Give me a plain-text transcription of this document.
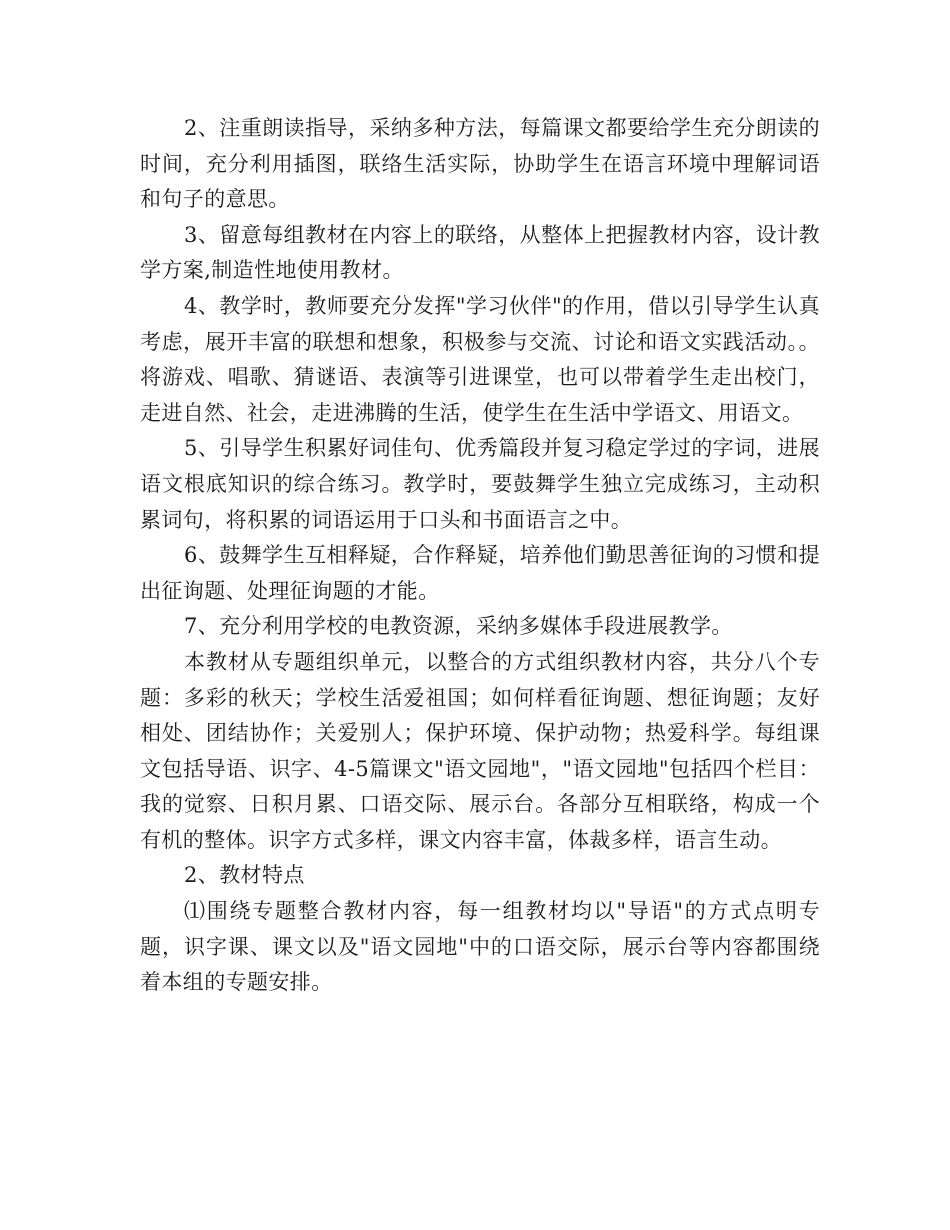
2、注重朗读指导，采纳多种方法，每篇课文都要给学生充分朗读的时间，充分利用插图，联络生活实际，协助学生在语言环境中理解词语和句子的意思。

3、留意每组教材在内容上的联络，从整体上把握教材内容，设计教学方案,制造性地使用教材。

4、教学时，教师要充分发挥"学习伙伴"的作用，借以引导学生认真考虑，展开丰富的联想和想象，积极参与交流、讨论和语文实践活动。。将游戏、唱歌、猜谜语、表演等引进课堂，也可以带着学生走出校门，走进自然、社会，走进沸腾的生活，使学生在生活中学语文、用语文。

5、引导学生积累好词佳句、优秀篇段并复习稳定学过的字词，进展语文根底知识的综合练习。教学时，要鼓舞学生独立完成练习，主动积累词句，将积累的词语运用于口头和书面语言之中。

6、鼓舞学生互相释疑，合作释疑，培养他们勤思善征询的习惯和提出征询题、处理征询题的才能。

7、充分利用学校的电教资源，采纳多媒体手段进展教学。

本教材从专题组织单元，以整合的方式组织教材内容，共分八个专题：多彩的秋天；学校生活爱祖国；如何样看征询题、想征询题；友好相处、团结协作；关爱别人；保护环境、保护动物；热爱科学。每组课文包括导语、识字、4-5篇课文"语文园地"，"语文园地"包括四个栏目：我的觉察、日积月累、口语交际、展示台。各部分互相联络，构成一个有机的整体。识字方式多样，课文内容丰富，体裁多样，语言生动。

2、教材特点

⑴围绕专题整合教材内容，每一组教材均以"导语"的方式点明专题，识字课、课文以及"语文园地"中的口语交际，展示台等内容都围绕着本组的专题安排。
